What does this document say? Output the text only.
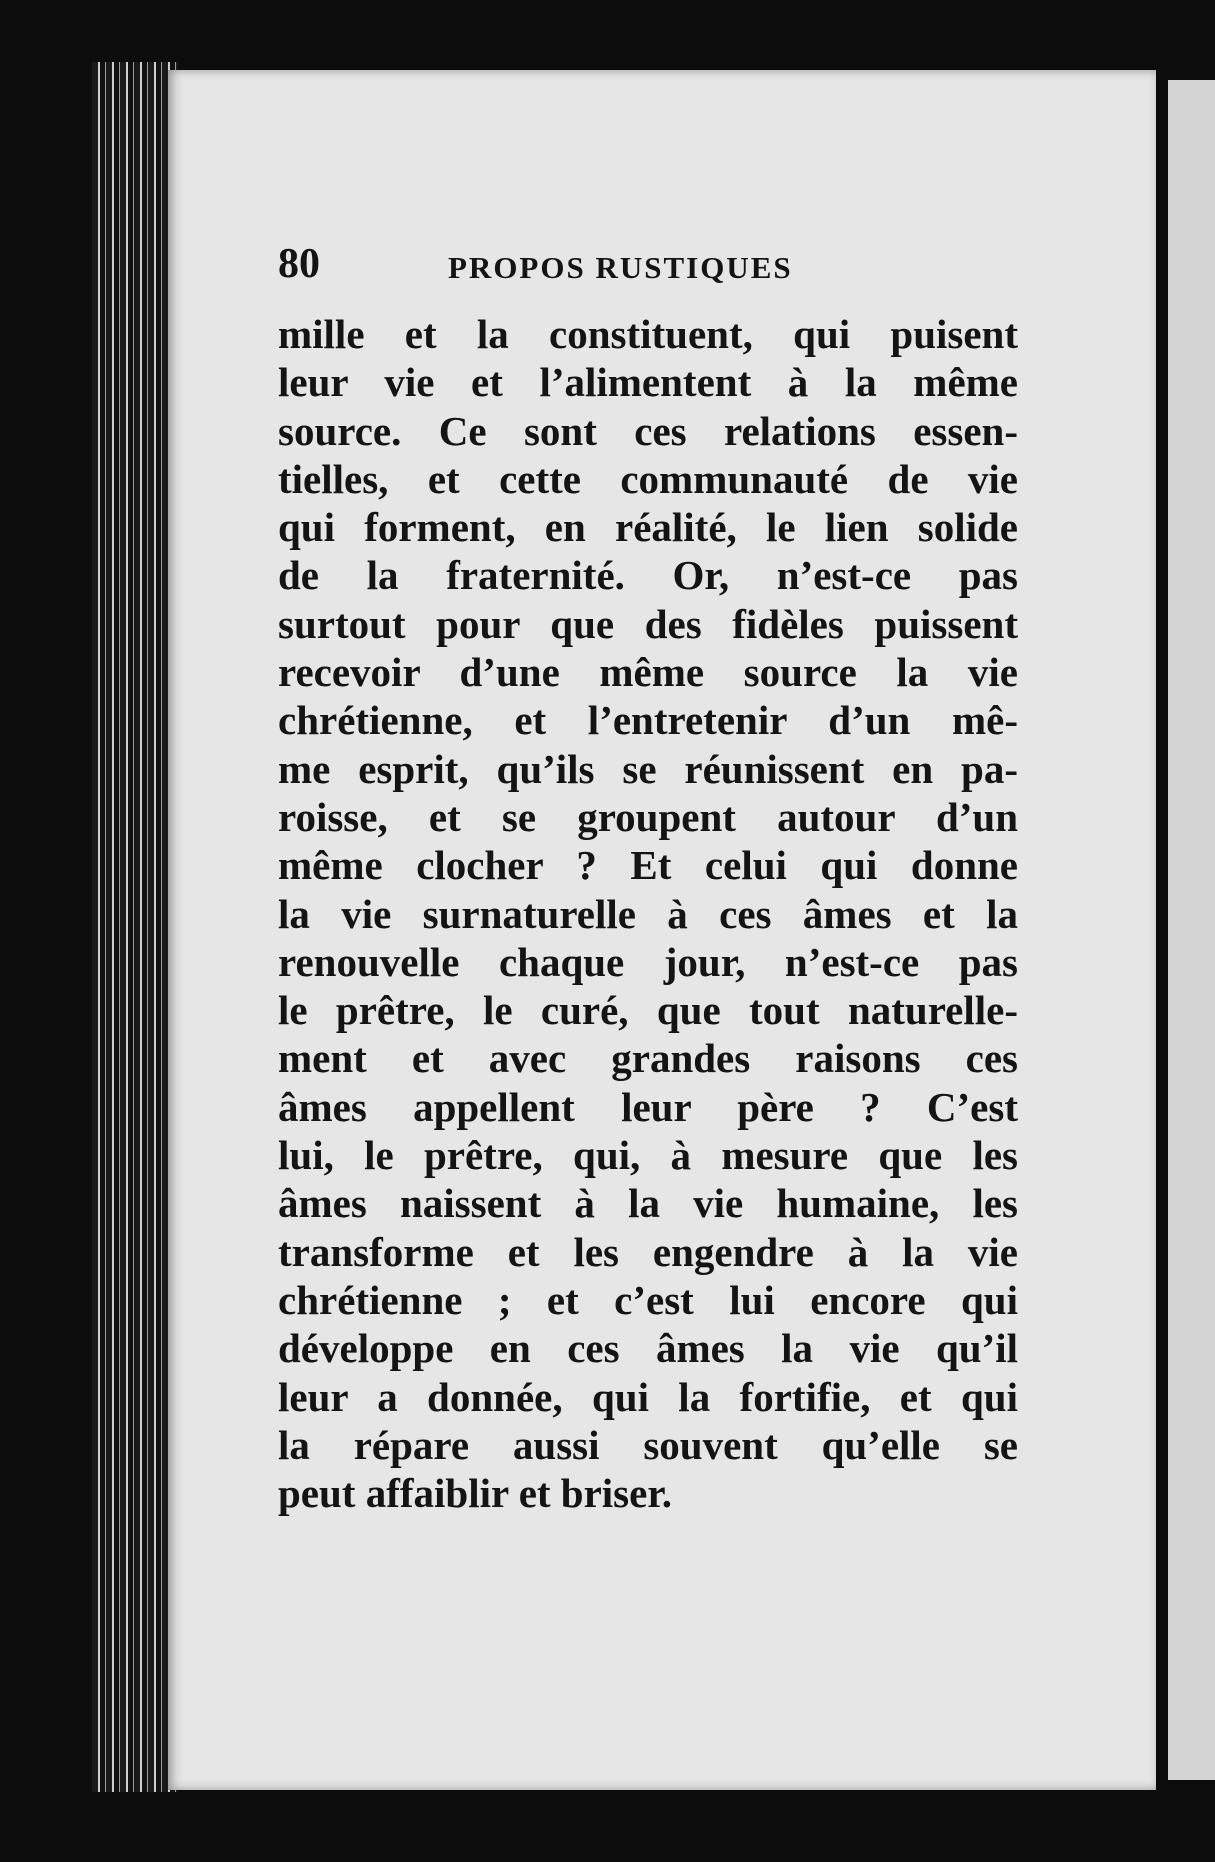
80	PROPOS RUSTIQUES
mille et la constituent, qui puisent
leur vie et l’alimentent à la même
source. Ce sont ces relations essen-
tielles, et cette communauté de vie
qui forment, en réalité, le lien solide
de la fraternité. Or, n’est-ce pas
surtout pour que des fidèles puissent
recevoir d’une même source la vie
chrétienne, et l’entretenir d’un mê-
me esprit, qu’ils se réunissent en pa-
roisse, et se groupent autour d’un
même clocher ? Et celui qui donne
la vie surnaturelle à ces âmes et la
renouvelle chaque jour, n’est-ce pas
le prêtre, le curé, que tout naturelle-
ment et avec grandes raisons ces
âmes appellent leur père ? C’est
lui, le prêtre, qui, à mesure que les
âmes naissent à la vie humaine, les
transforme et les engendre à la vie
chrétienne ; et c’est lui encore qui
développe en ces âmes la vie qu’il
leur a donnée, qui la fortifie, et qui
la répare aussi souvent qu’elle se
peut affaiblir et briser.
